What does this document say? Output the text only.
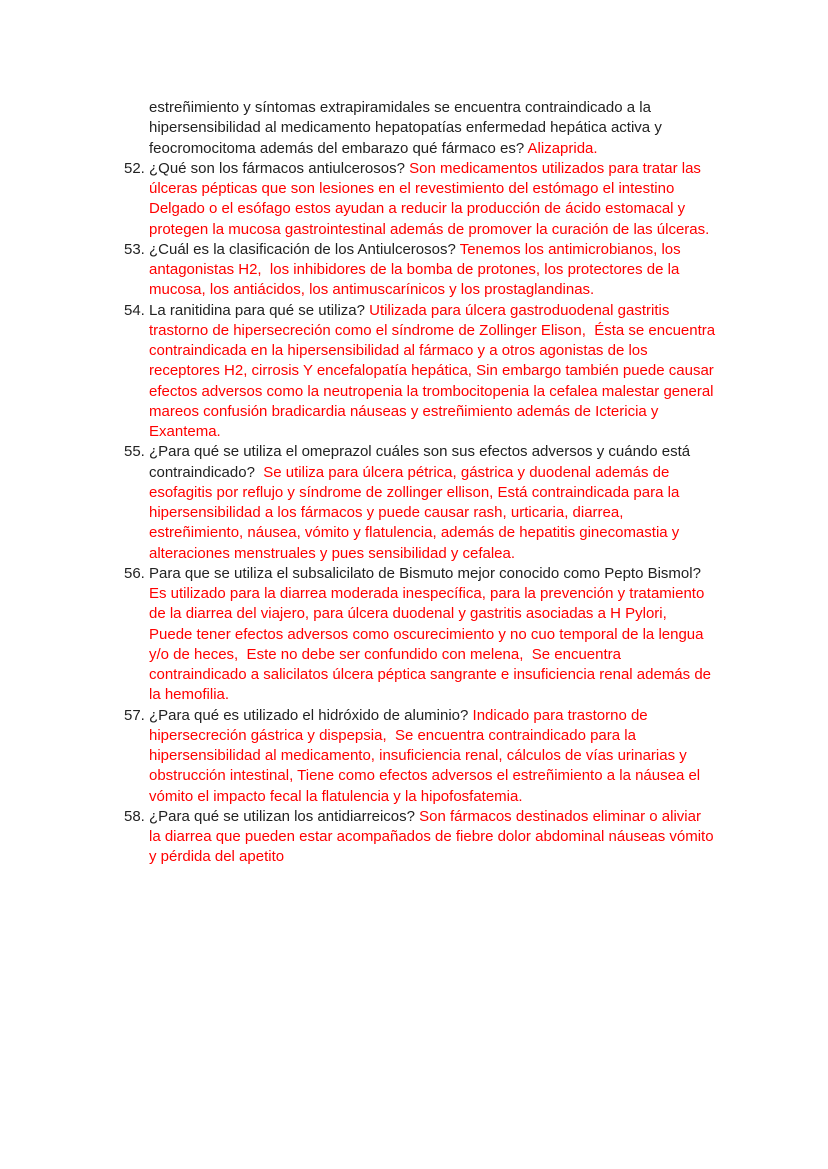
estreñimiento y síntomas extrapiramidales se encuentra contraindicado a la
hipersensibilidad al medicamento hepatopatías enfermedad hepática activa y
feocromocitoma además del embarazo qué fármaco es? Alizaprida.
52. ¿Qué son los fármacos antiulcerosos? Son medicamentos utilizados para tratar las
úlceras pépticas que son lesiones en el revestimiento del estómago el intestino
Delgado o el esófago estos ayudan a reducir la producción de ácido estomacal y
protegen la mucosa gastrointestinal además de promover la curación de las úlceras.
53. ¿Cuál es la clasificación de los Antiulcerosos? Tenemos los antimicrobianos, los
antagonistas H2,  los inhibidores de la bomba de protones, los protectores de la
mucosa, los antiácidos, los antimuscarínicos y los prostaglandinas.
54. La ranitidina para qué se utiliza? Utilizada para úlcera gastroduodenal gastritis
trastorno de hipersecreción como el síndrome de Zollinger Elison,  Ésta se encuentra
contraindicada en la hipersensibilidad al fármaco y a otros agonistas de los
receptores H2, cirrosis Y encefalopatía hepática, Sin embargo también puede causar
efectos adversos como la neutropenia la trombocitopenia la cefalea malestar general
mareos confusión bradicardia náuseas y estreñimiento además de Ictericia y
Exantema.
55. ¿Para qué se utiliza el omeprazol cuáles son sus efectos adversos y cuándo está
contraindicado?  Se utiliza para úlcera pétrica, gástrica y duodenal además de
esofagitis por reflujo y síndrome de zollinger ellison, Está contraindicada para la
hipersensibilidad a los fármacos y puede causar rash, urticaria, diarrea,
estreñimiento, náusea, vómito y flatulencia, además de hepatitis ginecomastia y
alteraciones menstruales y pues sensibilidad y cefalea.
56. Para que se utiliza el subsalicilato de Bismuto mejor conocido como Pepto Bismol?
Es utilizado para la diarrea moderada inespecífica, para la prevención y tratamiento
de la diarrea del viajero, para úlcera duodenal y gastritis asociadas a H Pylori,
Puede tener efectos adversos como oscurecimiento y no cuo temporal de la lengua
y/o de heces,  Este no debe ser confundido con melena,  Se encuentra
contraindicado a salicilatos úlcera péptica sangrante e insuficiencia renal además de
la hemofilia.
57. ¿Para qué es utilizado el hidróxido de aluminio? Indicado para trastorno de
hipersecreción gástrica y dispepsia,  Se encuentra contraindicado para la
hipersensibilidad al medicamento, insuficiencia renal, cálculos de vías urinarias y
obstrucción intestinal, Tiene como efectos adversos el estreñimiento a la náusea el
vómito el impacto fecal la flatulencia y la hipofosfatemia.
58. ¿Para qué se utilizan los antidiarreicos? Son fármacos destinados eliminar o aliviar
la diarrea que pueden estar acompañados de fiebre dolor abdominal náuseas vómito
y pérdida del apetito
